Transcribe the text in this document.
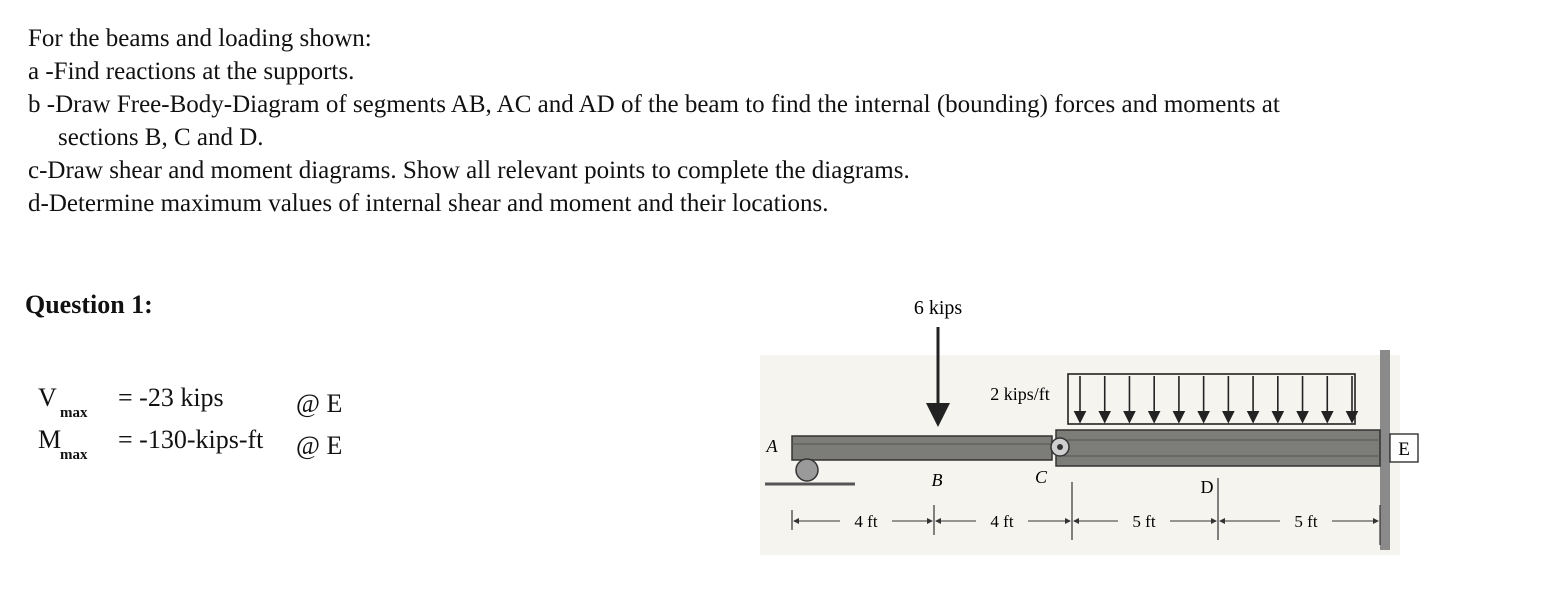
For the beams and loading shown:
a -Find reactions at the supports.
b -Draw Free-Body-Diagram of segments AB, AC and AD of the beam to find the internal (bounding) forces and moments at
sections B, C and D.
c-Draw shear and moment diagrams. Show all relevant points to complete the diagrams.
d-Determine maximum values of internal shear and moment and their locations.
Question 1:
V
max
= -23 kips	@ E
M
max
= -130-kips-ft @ E
6 kips
2 kips/ft
A
B	C	D
E
4 ft	4 ft	5 ft	5 ft
